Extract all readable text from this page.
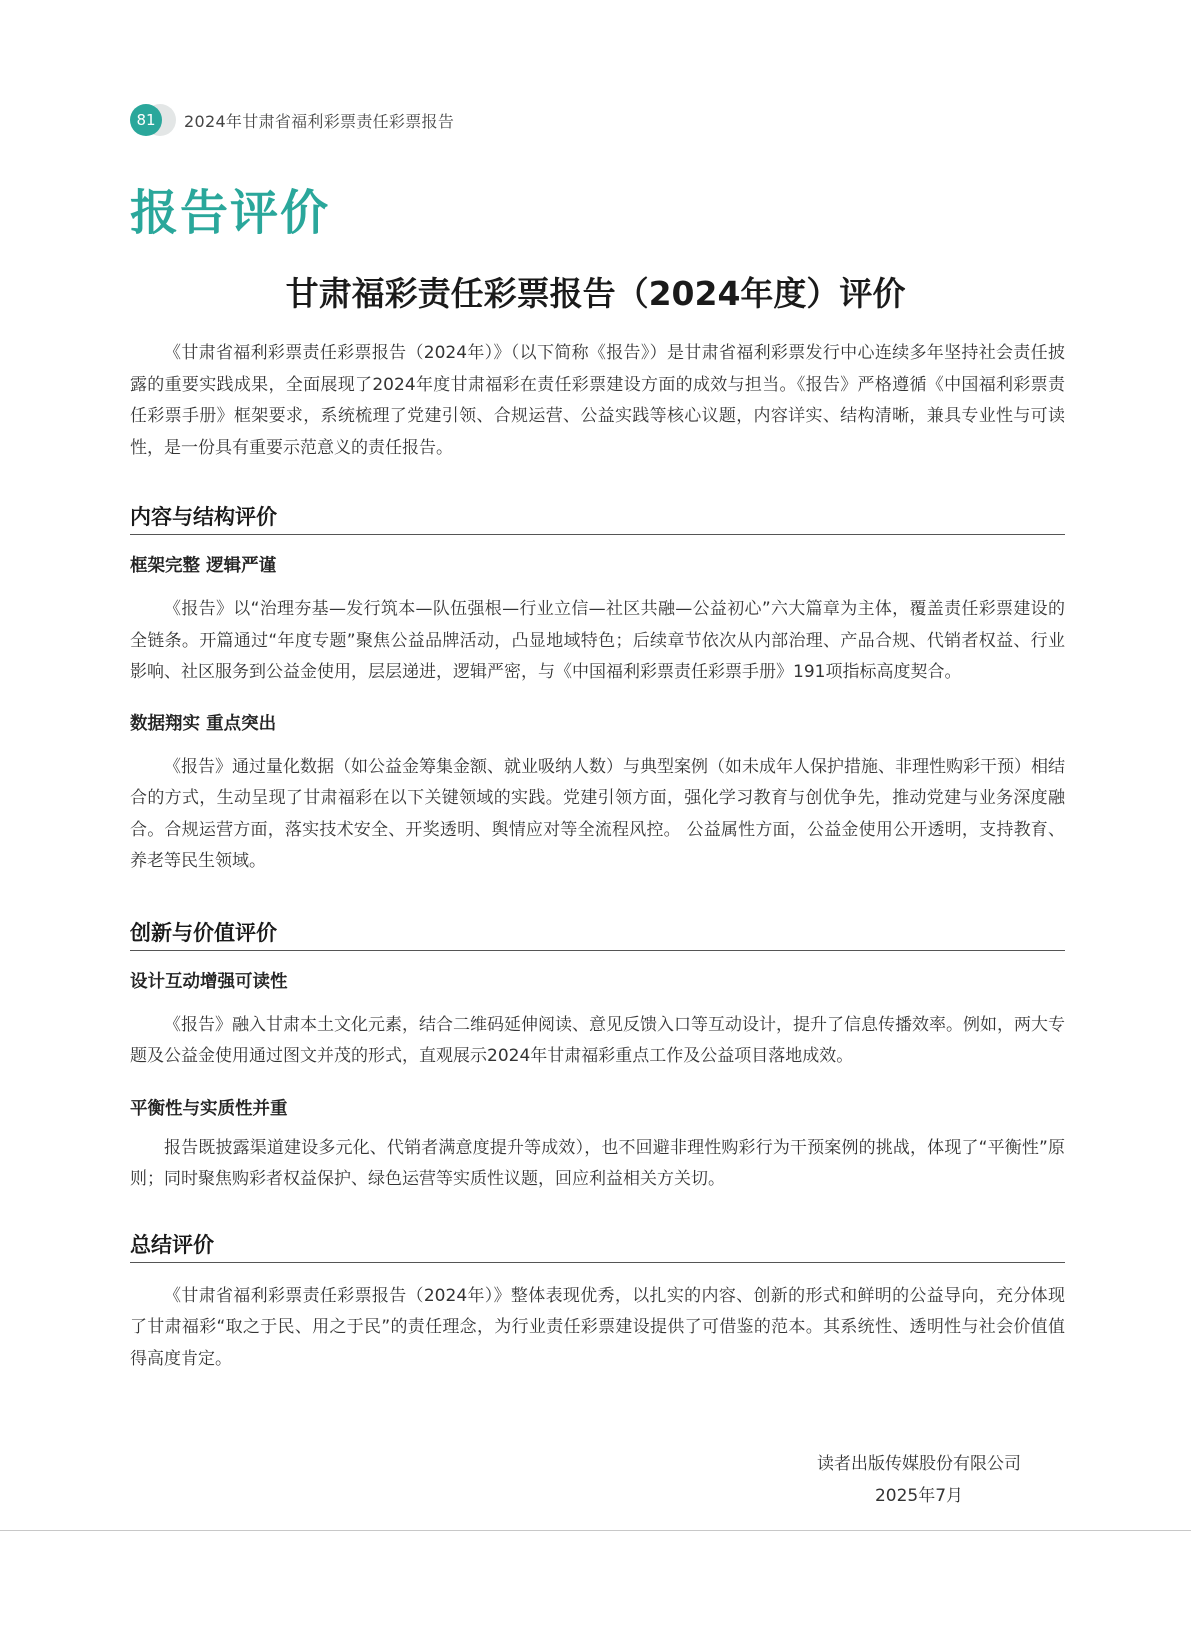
81	2024年甘肃省福利彩票责任彩票报告
报告评价
甘肃福彩责任彩票报告（2024年度）评价

《甘肃省福利彩票责任彩票报告（2024年）》（以下简称《报告》）是甘肃省福利彩票发行中心连续多年坚持社会责任披露的重要实践成果，全面展现了2024年度甘肃福彩在责任彩票建设方面的成效与担当。《报告》严格遵循《中国福利彩票责任彩票手册》框架要求，系统梳理了党建引领、合规运营、公益实践等核心议题，内容详实、结构清晰，兼具专业性与可读性，是一份具有重要示范意义的责任报告。

内容与结构评价
框架完整 逻辑严谨

《报告》以“治理夯基—发行筑本—队伍强根—行业立信—社区共融—公益初心”六大篇章为主体，覆盖责任彩票建设的全链条。开篇通过“年度专题”聚焦公益品牌活动，凸显地域特色；后续章节依次从内部治理、产品合规、代销者权益、行业影响、社区服务到公益金使用，层层递进，逻辑严密，与《中国福利彩票责任彩票手册》191项指标高度契合。

数据翔实 重点突出

《报告》通过量化数据（如公益金筹集金额、就业吸纳人数）与典型案例（如未成年人保护措施、非理性购彩干预）相结合的方式，生动呈现了甘肃福彩在以下关键领域的实践。党建引领方面，强化学习教育与创优争先，推动党建与业务深度融合。合规运营方面，落实技术安全、开奖透明、舆情应对等全流程风控。 公益属性方面，公益金使用公开透明，支持教育、养老等民生领域。

创新与价值评价
设计互动增强可读性

《报告》融入甘肃本土文化元素，结合二维码延伸阅读、意见反馈入口等互动设计，提升了信息传播效率。例如，两大专题及公益金使用通过图文并茂的形式，直观展示2024年甘肃福彩重点工作及公益项目落地成效。

平衡性与实质性并重

报告既披露渠道建设多元化、代销者满意度提升等成效），也不回避非理性购彩行为干预案例的挑战，体现了“平衡性”原则；同时聚焦购彩者权益保护、绿色运营等实质性议题，回应利益相关方关切。

总结评价

《甘肃省福利彩票责任彩票报告（2024年）》整体表现优秀，以扎实的内容、创新的形式和鲜明的公益导向，充分体现了甘肃福彩“取之于民、用之于民”的责任理念，为行业责任彩票建设提供了可借鉴的范本。其系统性、透明性与社会价值值得高度肯定。

读者出版传媒股份有限公司
2025年7月
